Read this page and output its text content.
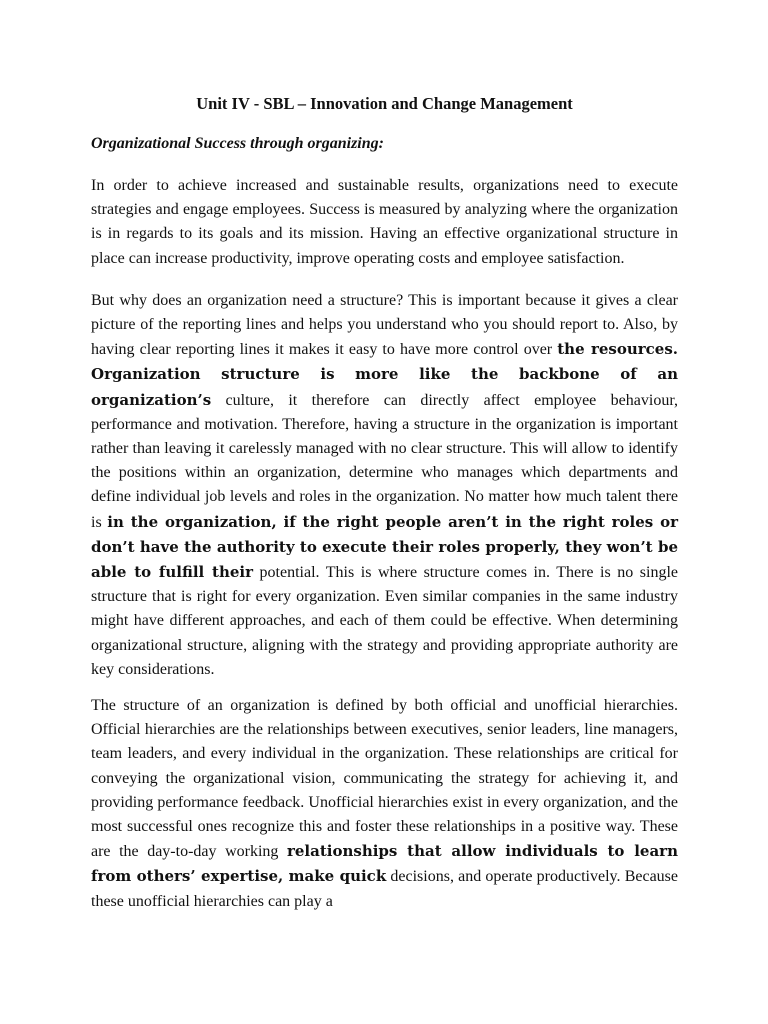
Unit IV - SBL – Innovation and Change Management
Organizational Success through organizing:

In order to achieve increased and sustainable results, organizations need to execute strategies and engage employees. Success is measured by analyzing where the organization is in regards to its goals and its mission. Having an effective organizational structure in place can increase productivity, improve operating costs and employee satisfaction.

But why does an organization need a structure? This is important because it gives a clear picture of the reporting lines and helps you understand who you should report to. Also, by having clear reporting lines it makes it easy to have more control over the resources. Organization structure is more like the backbone of an organization’s culture, it therefore can directly affect employee behaviour, performance and motivation. Therefore, having a structure in the organization is important rather than leaving it carelessly managed with no clear structure. This will allow to identify the positions within an organization, determine who manages which departments and define individual job levels and roles in the organization. No matter how much talent there is in the organization, if the right people aren’t in the right roles or don’t have the authority to execute their roles properly, they won’t be able to fulfill their potential. This is where structure comes in. There is no single structure that is right for every organization. Even similar companies in the same industry might have different approaches, and each of them could be effective. When determining organizational structure, aligning with the strategy and providing appropriate authority are key considerations.

The structure of an organization is defined by both official and unofficial hierarchies. Official hierarchies are the relationships between executives, senior leaders, line managers, team leaders, and every individual in the organization. These relationships are critical for conveying the organizational vision, communicating the strategy for achieving it, and providing performance feedback. Unofficial hierarchies exist in every organization, and the most successful ones recognize this and foster these relationships in a positive way. These are the day-to-day working relationships that allow individuals to learn from others’ expertise, make quick decisions, and operate productively. Because these unofficial hierarchies can play a
